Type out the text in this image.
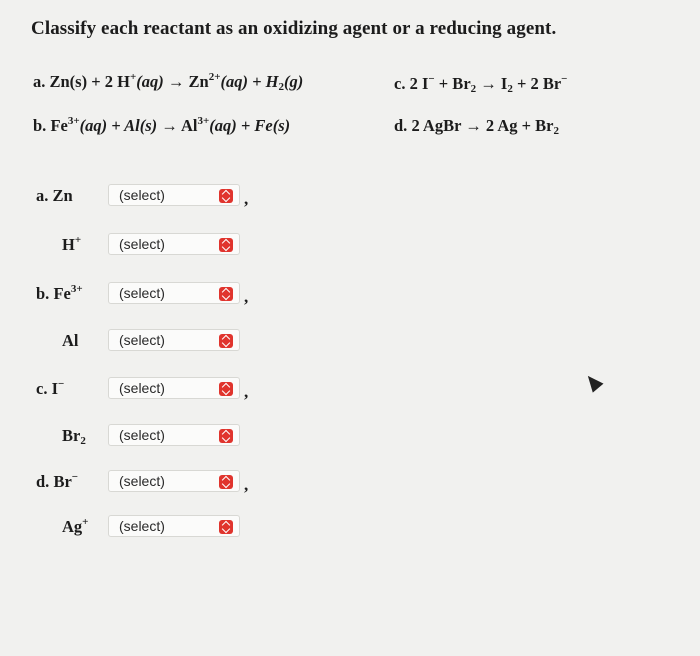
Classify each reactant as an oxidizing agent or a reducing agent.
a. Zn(s) + 2 $H^+(aq) \to Zn^{2+}(aq) + H_2(g)$
b. $Fe^{3+}(aq) + Al(s) \to Al^{3+}(aq) + Fe(s)$
c. 2 $I^- + Br_2 \to I_2 + 2$ Br−
d. 2 AgBr → 2 $Ag + Br_2$
a. Zn	(select)	,
H+	(select)
b. $Fe^{3+}$	(select)	,
Al	(select)
c. I−	(select)	,
$Br_2$ (select)
d. Br−	(select)	,
Ag+ (select)
